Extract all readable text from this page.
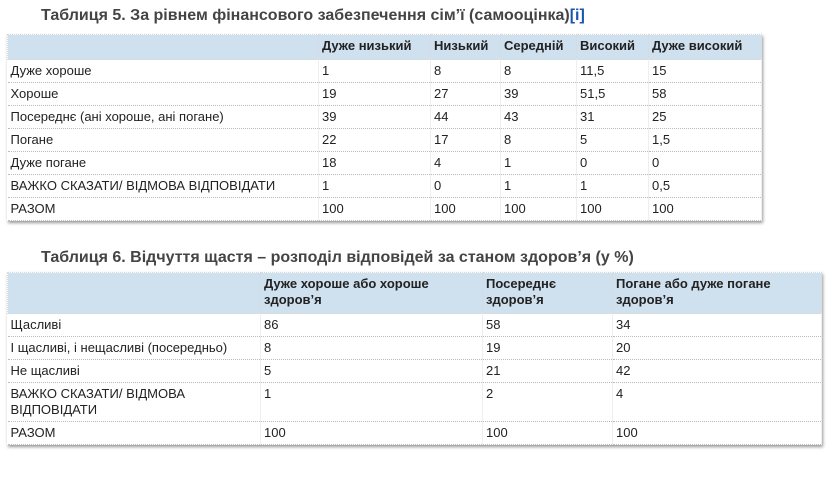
Таблиця 5. За рівнем фінансового забезпечення сім’ї (самооцінка)[і]
	Дуже низький	Низький	Середній	Високий	Дуже високий
Дуже хороше	1	8	8	11,5	15
Хороше	19	27	39	51,5	58
Посереднє (ані хороше, ані погане)	39	44	43	31	25
Погане	22	17	8	5	1,5
Дуже погане	18	4	1	0	0
ВАЖКО СКАЗАТИ/ ВІДМОВА ВІДПОВІДАТИ	1	0	1	1	0,5
РАЗОМ	100	100	100	100	100
Таблиця 6. Відчуття щастя – розподіл відповідей за станом здоров’я (у %)
	Дуже хороше або хороше здоров’я	Посереднє здоров’я	Погане або дуже погане здоров’я
Щасливі	86	58	34
І щасливі, і нещасливі (посередньо)	8	19	20
Не щасливі	5	21	42
ВАЖКО СКАЗАТИ/ ВІДМОВА ВІДПОВІДАТИ	1	2	4
РАЗОМ	100	100	100
